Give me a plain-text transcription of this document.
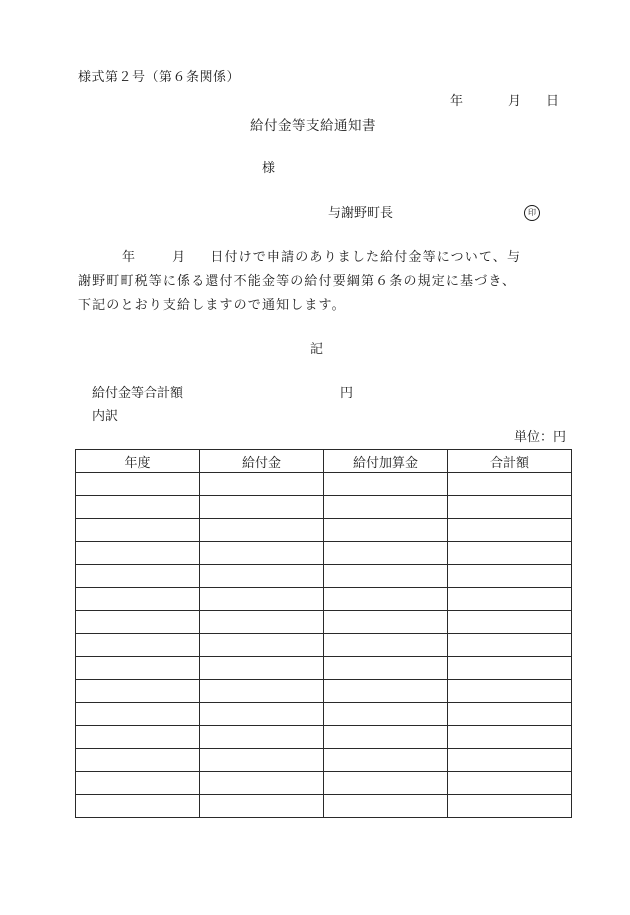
様式第２号（第６条関係）
年	月 日
給付金等支給通知書
様
与謝野町長	印
年	月 日付けで申請のありました給付金等について、与
謝野町町税等に係る還付不能金等の給付要綱第６条の規定に基づき、
下記のとおり支給しますので通知します。
記
給付金等合計額	円
内訳
単位：円
年度	給付金	給付加算金	合計額
